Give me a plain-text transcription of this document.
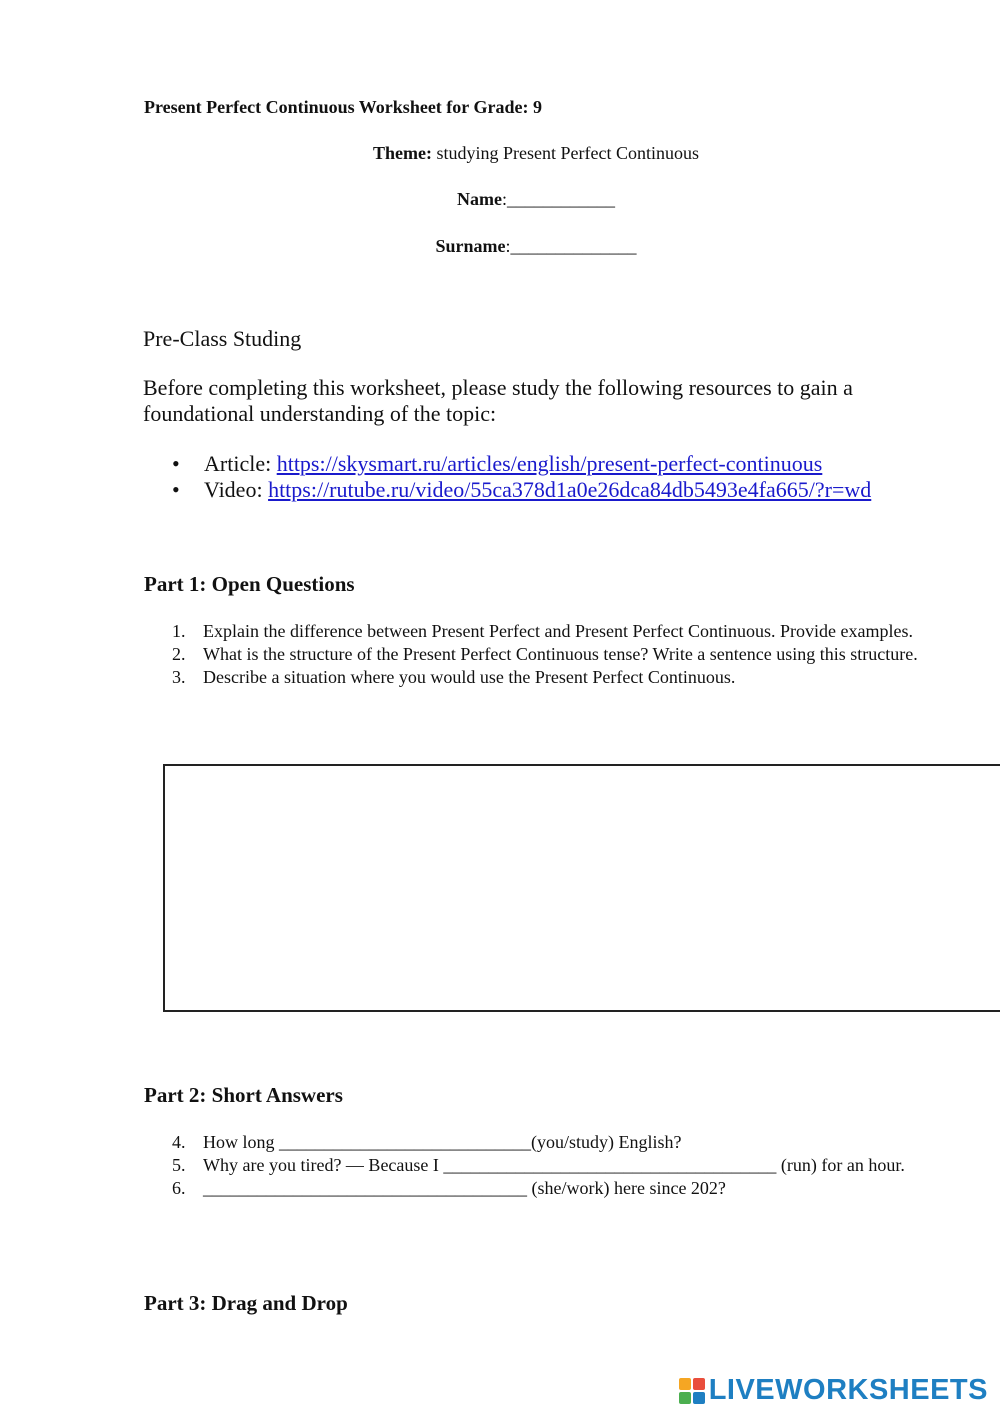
Present Perfect Continuous Worksheet for Grade: 9
Theme: studying Present Perfect Continuous
Name:____________
Surname:______________
Pre-Class Studing
Before completing this worksheet, please study the following resources to gain a foundational understanding of the topic:
• Article: https://skysmart.ru/articles/english/present-perfect-continuous
• Video: https://rutube.ru/video/55ca378d1a0e26dca84db5493e4fa665/?r=wd
Part 1: Open Questions
1. Explain the difference between Present Perfect and Present Perfect Continuous. Provide examples.
2. What is the structure of the Present Perfect Continuous tense? Write a sentence using this structure.
3. Describe a situation where you would use the Present Perfect Continuous.
Part 2: Short Answers
4. How long ____________________________(you/study) English?
5. Why are you tired? — Because I _____________________________________ (run) for an hour.
6. ____________________________________ (she/work) here since 202?
Part 3: Drag and Drop
LIVEWORKSHEETS
